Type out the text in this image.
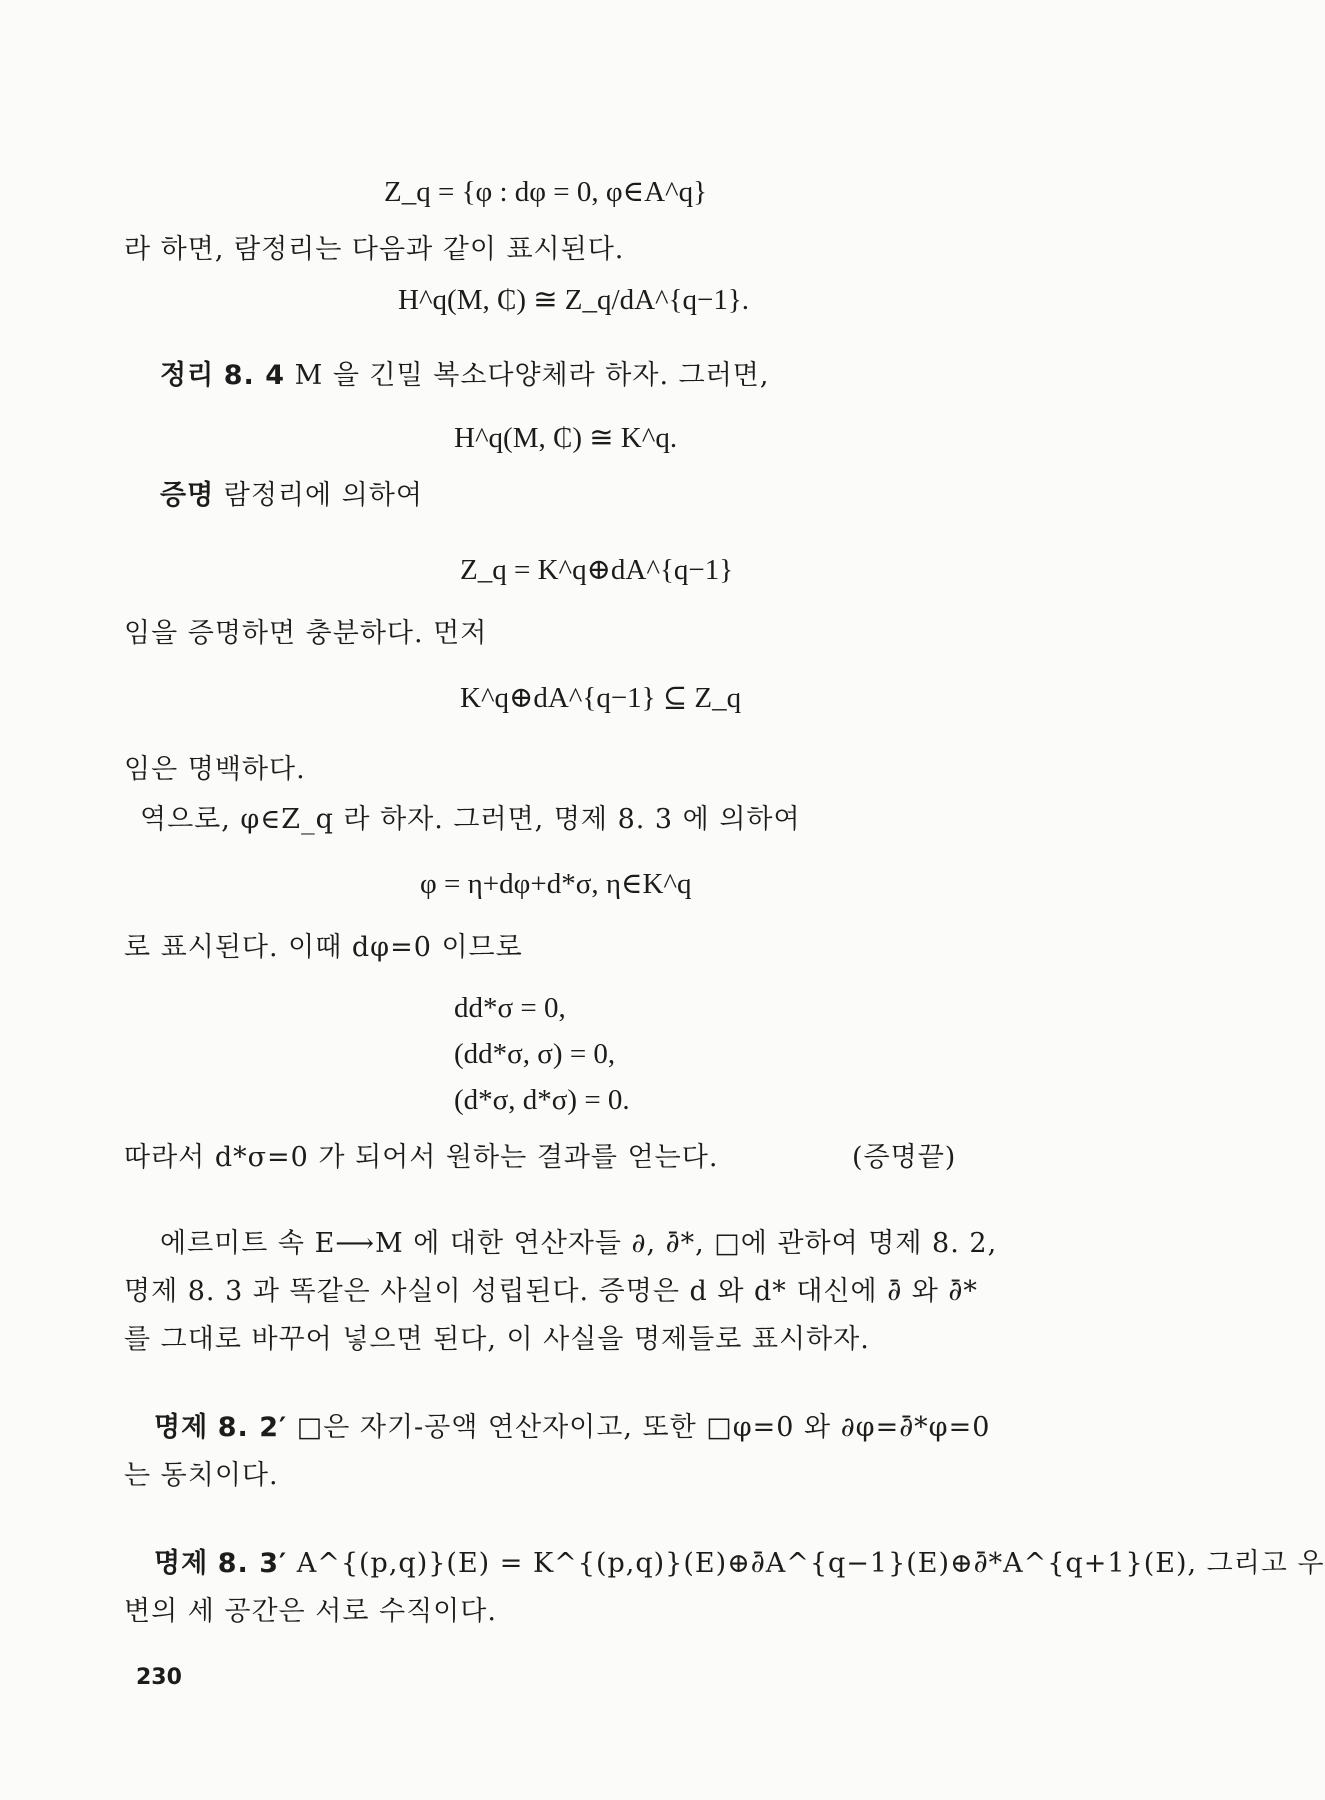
Z_q = {φ : dφ = 0, φ∈A^q}
라 하면, 람정리는 다음과 같이 표시된다.
H^q(M, ₵) ≅ Z_q/dA^{q−1}.
정리 8. 4 M 을 긴밀 복소다양체라 하자. 그러면,
H^q(M, ₵) ≅ K^q.
증명 람정리에 의하여
Z_q = K^q⊕dA^{q−1}
임을 증명하면 충분하다. 먼저
K^q⊕dA^{q−1} ⊆ Z_q
임은 명백하다.
역으로, φ∈Z_q 라 하자. 그러면, 명제 8. 3 에 의하여
φ = η+dφ+d*σ, η∈K^q
로 표시된다. 이때 dφ=0 이므로
dd*σ = 0,
(dd*σ, σ) = 0,
(d*σ, d*σ) = 0.
따라서 d*σ=0 가 되어서 원하는 결과를 얻는다.	(증명끝)
에르미트 속 E⟶M 에 대한 연산자들 ∂, ∂̄*, □에 관하여 명제 8. 2,
명제 8. 3 과 똑같은 사실이 성립된다. 증명은 d 와 d* 대신에 ∂̄ 와 ∂̄*
를 그대로 바꾸어 넣으면 된다, 이 사실을 명제들로 표시하자.
명제 8. 2′ □은 자기-공액 연산자이고, 또한 □φ=0 와 ∂φ=∂̄*φ=0
는 동치이다.
명제 8. 3′ A^{(p,q)}(E) = K^{(p,q)}(E)⊕∂̄A^{q−1}(E)⊕∂̄*A^{q+1}(E), 그리고 우
변의 세 공간은 서로 수직이다.
230
